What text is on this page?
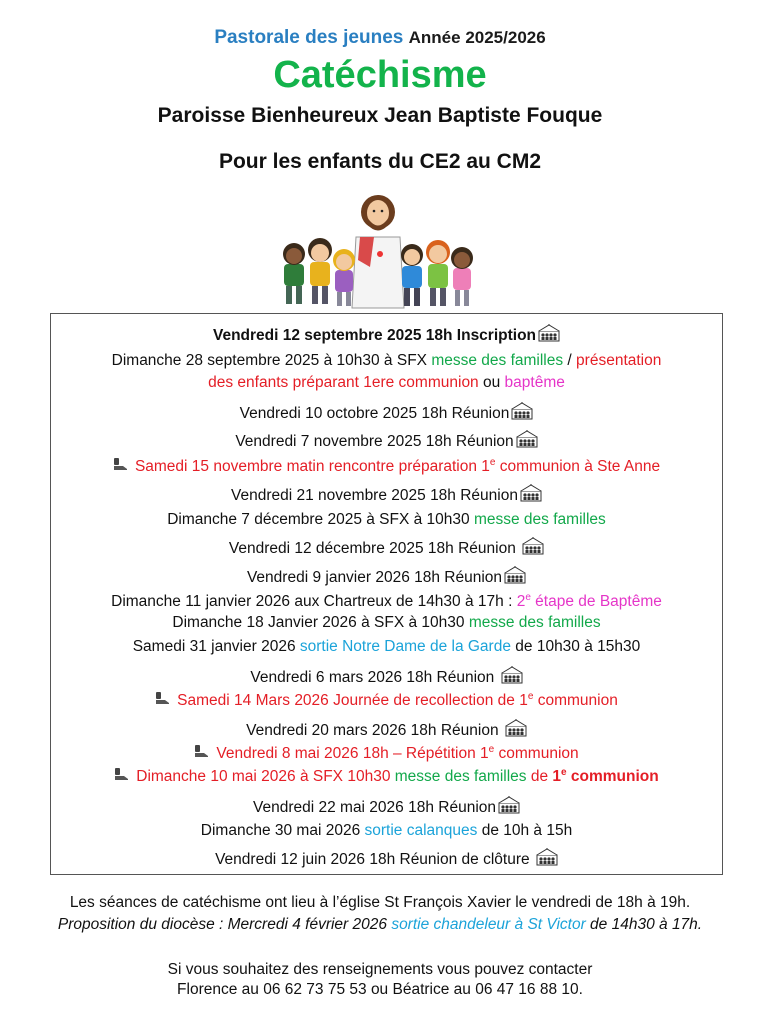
Pastorale des jeunes Année 2025/2026
Catéchisme
Paroisse Bienheureux Jean Baptiste Fouque
Pour les enfants du CE2 au CM2
Vendredi 12 septembre 2025 18h Inscription
Dimanche 28 septembre 2025 à 10h30 à SFX messe des familles / présentation
des enfants préparant 1ere communion ou baptême
Vendredi 10 octobre 2025 18h Réunion
Vendredi 7 novembre 2025 18h Réunion
Samedi 15 novembre matin rencontre préparation 1e communion à Ste Anne
Vendredi 21 novembre 2025 18h Réunion
Dimanche 7 décembre 2025 à SFX à 10h30 messe des familles
Vendredi 12 décembre 2025 18h Réunion
Vendredi 9 janvier 2026 18h Réunion
Dimanche 11 janvier 2026 aux Chartreux de 14h30 à 17h : 2e étape de Baptême
Dimanche 18 Janvier 2026 à SFX à 10h30 messe des familles
Samedi 31 janvier 2026 sortie Notre Dame de la Garde de 10h30 à 15h30
Vendredi 6 mars 2026 18h Réunion
Samedi 14 Mars 2026 Journée de recollection de 1e communion
Vendredi 20 mars 2026 18h Réunion
Vendredi 8 mai 2026 18h – Répétition 1e communion
Dimanche 10 mai 2026 à SFX 10h30 messe des familles de 1e communion
Vendredi 22 mai 2026 18h Réunion
Dimanche 30 mai 2026 sortie calanques de 10h à 15h
Vendredi 12 juin 2026 18h Réunion de clôture
Les séances de catéchisme ont lieu à l’église St François Xavier le vendredi de 18h à 19h.
Proposition du diocèse : Mercredi 4 février 2026 sortie chandeleur à St Victor de 14h30 à 17h.
Si vous souhaitez des renseignements vous pouvez contacter
Florence au 06 62 73 75 53 ou Béatrice au 06 47 16 88 10.
